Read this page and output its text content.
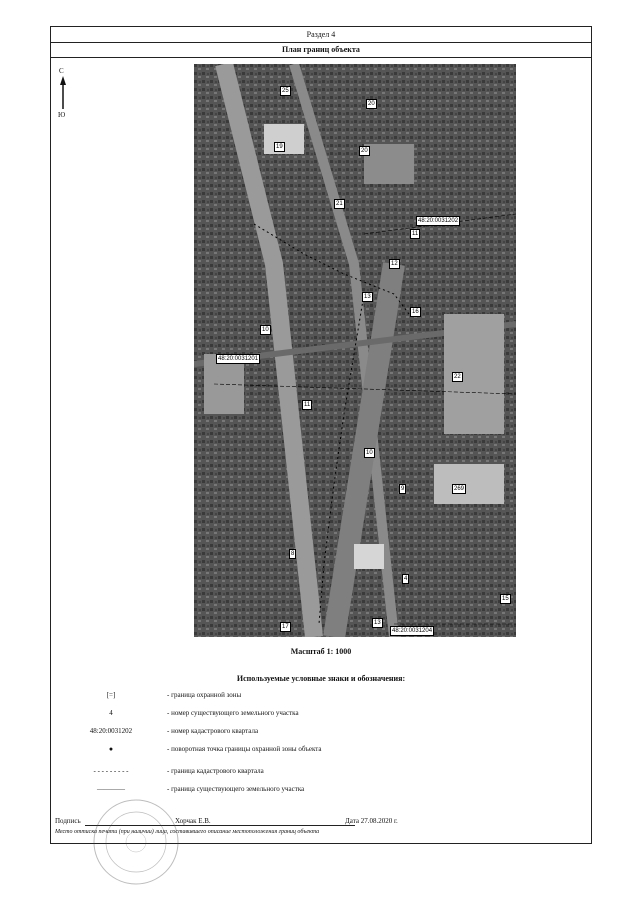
Раздел 4
План границ объекта
С
Ю
25
20
19
20
21
48:20:0031202
11
13
16
12
10
48:20:0031201
22
11
10
9	269
8
4
15
13
48:20:0031204
17
Масштаб 1: 1000
Используемые условные знаки и обозначения:
[=]	- граница охранной зоны
4	- номер существующего земельного участка
48:20:0031202	- номер кадастрового квартала
●	- поворотная точка границы охранной зоны объекта
- - - - - - - - -	- граница кадастрового квартала
————	- граница существующего земельного участка
Подпись	Хорчак Е.В.	Дата 27.08.2020 г.
Место оттиска печати (при наличии) лица, составившего описание местоположения границ объекта
